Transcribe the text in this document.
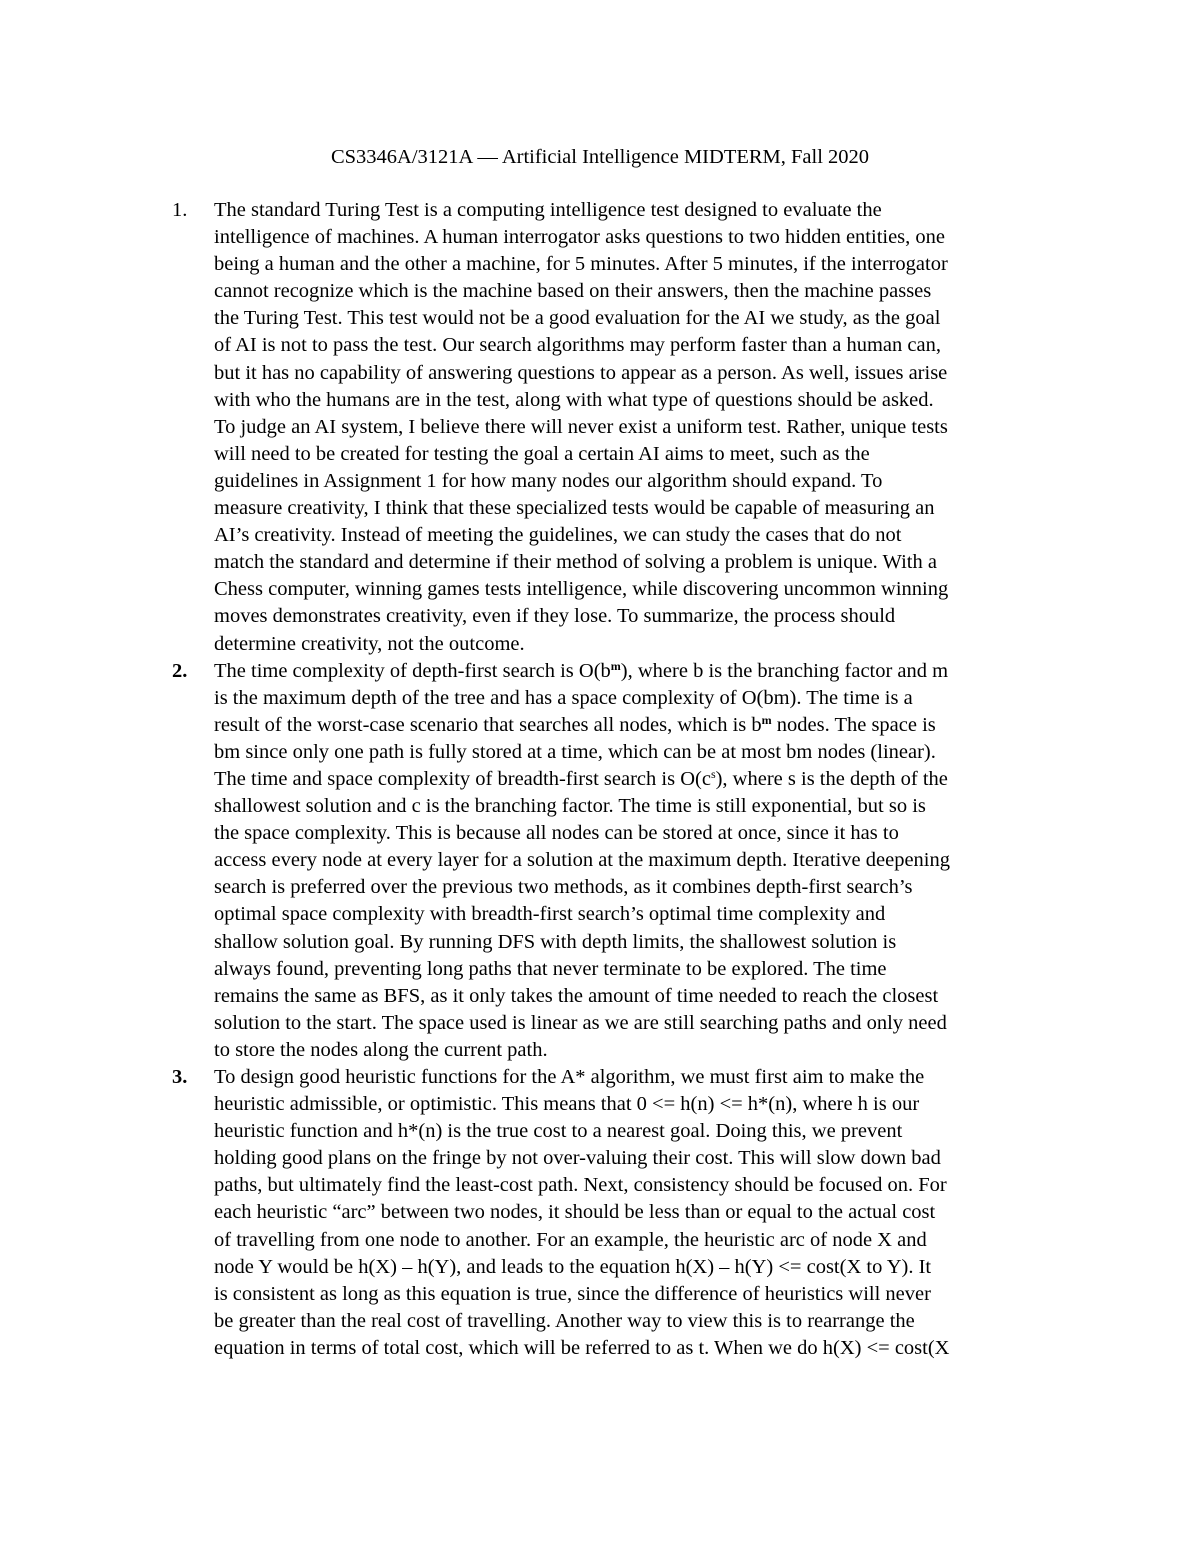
CS3346A/3121A — Artificial Intelligence MIDTERM, Fall 2020
1. The standard Turing Test is a computing intelligence test designed to evaluate the
intelligence of machines. A human interrogator asks questions to two hidden entities, one
being a human and the other a machine, for 5 minutes. After 5 minutes, if the interrogator
cannot recognize which is the machine based on their answers, then the machine passes
the Turing Test. This test would not be a good evaluation for the AI we study, as the goal
of AI is not to pass the test. Our search algorithms may perform faster than a human can,
but it has no capability of answering questions to appear as a person. As well, issues arise
with who the humans are in the test, along with what type of questions should be asked.
To judge an AI system, I believe there will never exist a uniform test. Rather, unique tests
will need to be created for testing the goal a certain AI aims to meet, such as the
guidelines in Assignment 1 for how many nodes our algorithm should expand. To
measure creativity, I think that these specialized tests would be capable of measuring an
AI’s creativity. Instead of meeting the guidelines, we can study the cases that do not
match the standard and determine if their method of solving a problem is unique. With a
Chess computer, winning games tests intelligence, while discovering uncommon winning
moves demonstrates creativity, even if they lose. To summarize, the process should
determine creativity, not the outcome.
2. The time complexity of depth-first search is $O(b^m)$, where b is the branching factor and m
is the maximum depth of the tree and has a space complexity of O(bm). The time is a
result of the worst-case scenario that searches all nodes, which is $b^m$ nodes. The space is
bm since only one path is fully stored at a time, which can be at most bm nodes (linear).
The time and space complexity of breadth-first search is $O(c^s)$, where s is the depth of the
shallowest solution and c is the branching factor. The time is still exponential, but so is
the space complexity. This is because all nodes can be stored at once, since it has to
access every node at every layer for a solution at the maximum depth. Iterative deepening
search is preferred over the previous two methods, as it combines depth-first search’s
optimal space complexity with breadth-first search’s optimal time complexity and
shallow solution goal. By running DFS with depth limits, the shallowest solution is
always found, preventing long paths that never terminate to be explored. The time
remains the same as BFS, as it only takes the amount of time needed to reach the closest
solution to the start. The space used is linear as we are still searching paths and only need
to store the nodes along the current path.
3. To design good heuristic functions for the A* algorithm, we must first aim to make the
heuristic admissible, or optimistic. This means that 0 <= h(n) <= h*(n), where h is our
heuristic function and h*(n) is the true cost to a nearest goal. Doing this, we prevent
holding good plans on the fringe by not over-valuing their cost. This will slow down bad
paths, but ultimately find the least-cost path. Next, consistency should be focused on. For
each heuristic “arc” between two nodes, it should be less than or equal to the actual cost
of travelling from one node to another. For an example, the heuristic arc of node X and
node Y would be h(X) – h(Y), and leads to the equation h(X) – h(Y) <= cost(X to Y). It
is consistent as long as this equation is true, since the difference of heuristics will never
be greater than the real cost of travelling. Another way to view this is to rearrange the
equation in terms of total cost, which will be referred to as t. When we do h(X) <= cost(X
